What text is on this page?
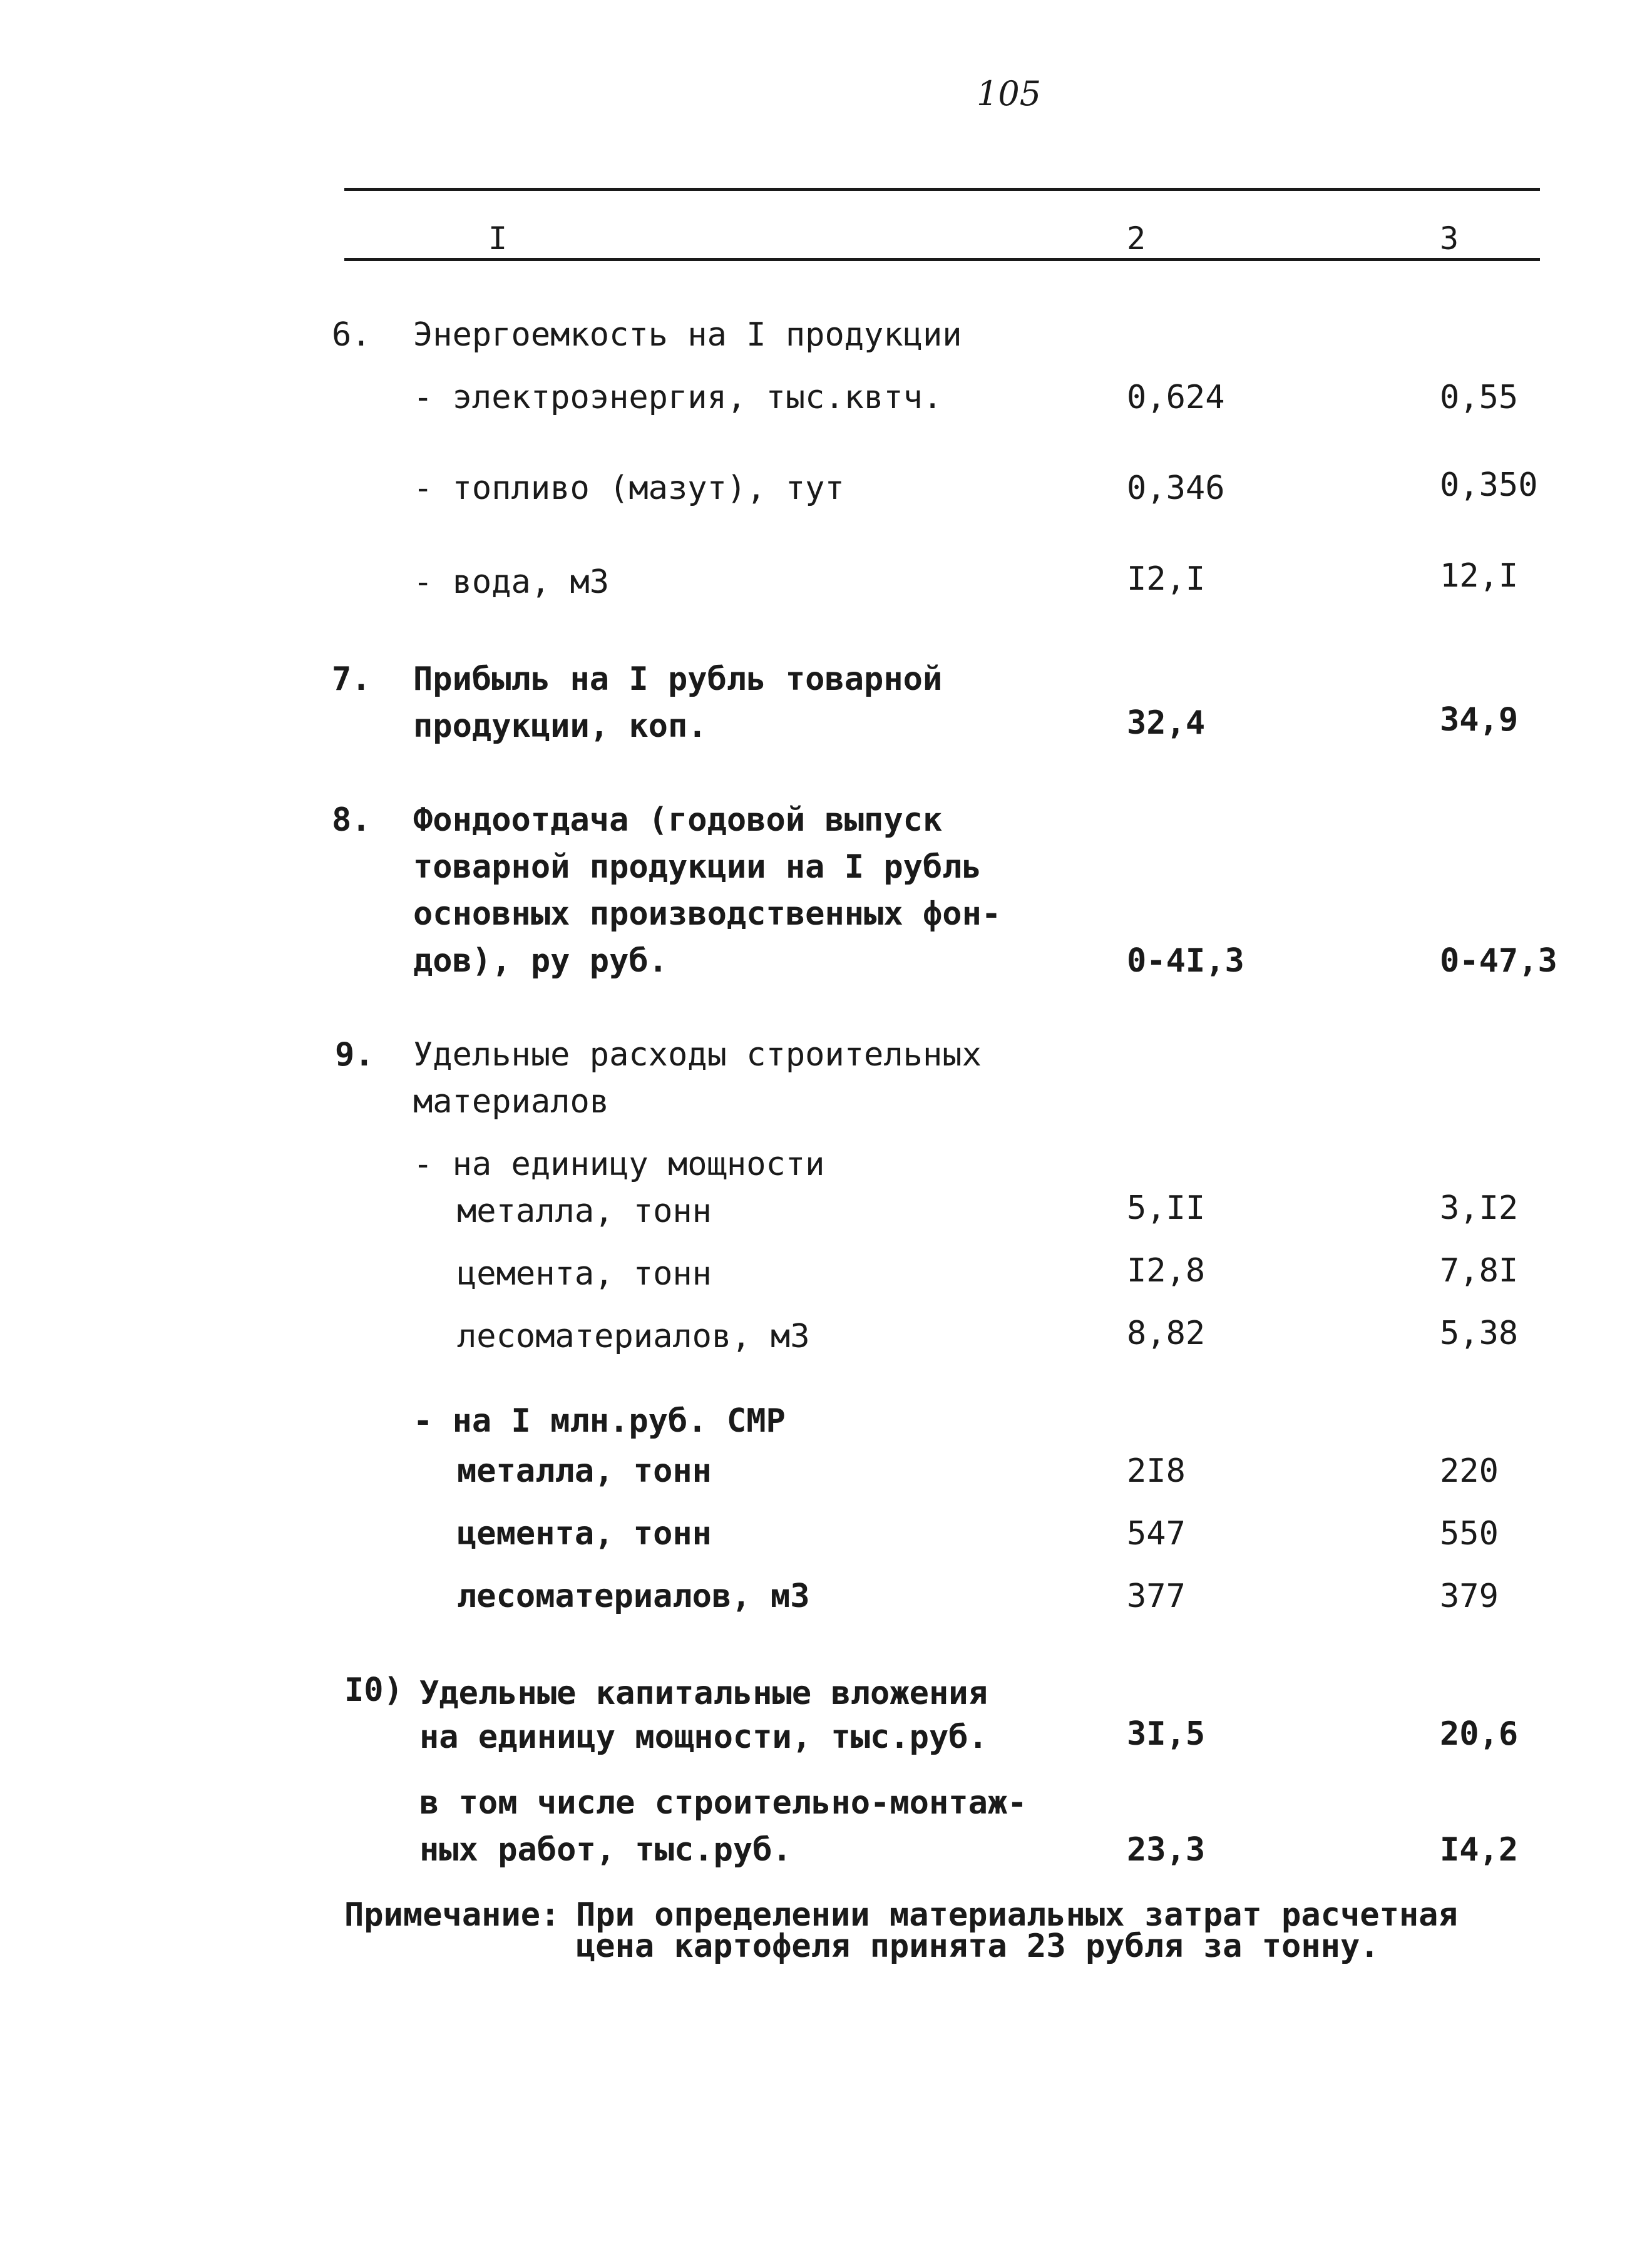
105
I	2	3
6. Энергоемкость на I продукции
- электроэнергия, тыс.квтч.	0,624	0,55
- топливо (мазут), тут	0,346	0,350
- вода, м3	I2,I	12,I
7. Прибыль на I рубль товарной
продукции, коп.	32,4	34,9
8. Фондоотдача (годовой выпуск
товарной продукции на I рубль
основных производственных фон-
дов), ру руб.	0-4I,3	0-47,3
9. Удельные расходы строительных
материалов
- на единицу мощности
металла, тонн	5,II	3,I2
цемента, тонн	I2,8	7,8I
лесоматериалов, м3	8,82	5,38
- на I млн.руб. СМР
металла, тонн	2I8	220
цемента, тонн	547	550
лесоматериалов, м3	377	379
I0) Удельные капитальные вложения
на единицу мощности, тыс.руб.	3I,5	20,6
в том числе строительно-монтаж-
ных работ, тыс.руб.	23,3	I4,2
Примечание: При определении материальных затрат расчетная
цена картофеля принята 23 рубля за тонну.
